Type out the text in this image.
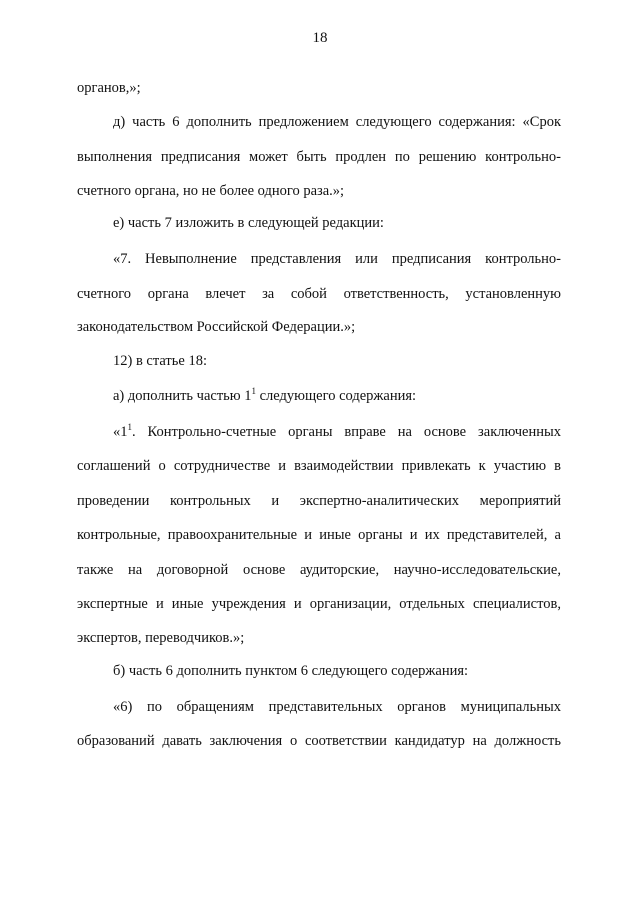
18
органов,»;
д) часть 6 дополнить предложением следующего содержания: «Срок
выполнения предписания может быть продлен по решению контрольно-
счетного органа, но не более одного раза.»;
е) часть 7 изложить в следующей редакции:
«7. Невыполнение представления или предписания контрольно-
счетного органа влечет за собой ответственность, установленную
законодательством Российской Федерации.»;
12) в статье 18:
а) дополнить частью $1^1$ следующего содержания:
«$1^1$. Контрольно-счетные органы вправе на основе заключенных
соглашений о сотрудничестве и взаимодействии привлекать к участию в
проведении контрольных и экспертно-аналитических мероприятий
контрольные, правоохранительные и иные органы и их представителей, а
также на договорной основе аудиторские, научно-исследовательские,
экспертные и иные учреждения и организации, отдельных специалистов,
экспертов, переводчиков.»;
б) часть 6 дополнить пунктом 6 следующего содержания:
«6) по обращениям представительных органов муниципальных
образований давать заключения о соответствии кандидатур на должность
